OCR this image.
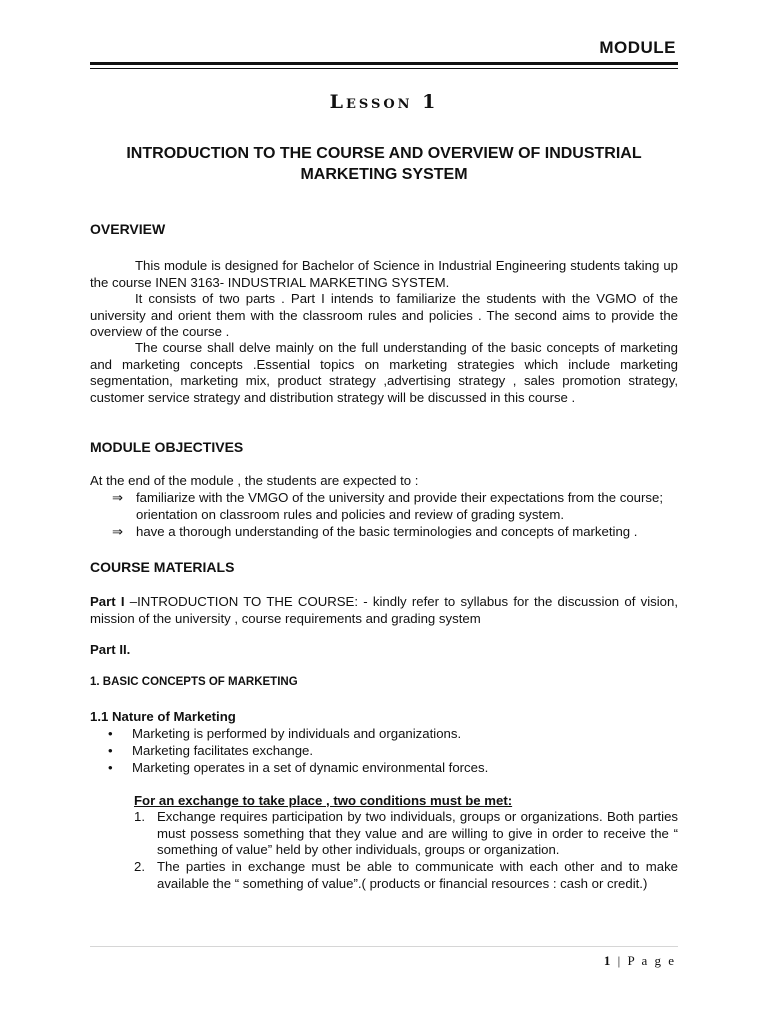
MODULE
Lesson 1
INTRODUCTION TO THE COURSE AND OVERVIEW OF INDUSTRIAL
MARKETING SYSTEM
OVERVIEW
This module is designed for Bachelor of Science in Industrial Engineering students taking up the course INEN 3163- INDUSTRIAL MARKETING SYSTEM.
It consists of two parts . Part I intends to familiarize the students with the VGMO of the university and orient them with the classroom rules and policies . The second aims to provide the overview of the course .
The course shall delve mainly on the full understanding of the basic concepts of marketing and marketing concepts .Essential topics on marketing strategies which include marketing segmentation, marketing mix, product strategy ,advertising strategy , sales promotion strategy, customer service strategy and distribution strategy will be discussed in this course .
MODULE OBJECTIVES
At the end of the module , the students are expected to :
⇒ familiarize with the VMGO of the university and provide their expectations from the course; orientation on classroom rules and policies and review of grading system.
⇒ have a thorough understanding of the basic terminologies and concepts of marketing .
COURSE MATERIALS
Part I –INTRODUCTION TO THE COURSE: - kindly refer to syllabus for the discussion of vision, mission of the university , course requirements and grading system
Part II.
1. BASIC CONCEPTS OF MARKETING
1.1 Nature of Marketing
• Marketing is performed by individuals and organizations.
• Marketing facilitates exchange.
• Marketing operates in a set of dynamic environmental forces.
For an exchange to take place , two conditions must be met:
1. Exchange requires participation by two individuals, groups or organizations. Both parties must possess something that they value and are willing to give in order to receive the “ something of value” held by other individuals, groups or organization.
2. The parties in exchange must be able to communicate with each other and to make available the “ something of value”.( products or financial resources : cash or credit.)
1 | P a g e
